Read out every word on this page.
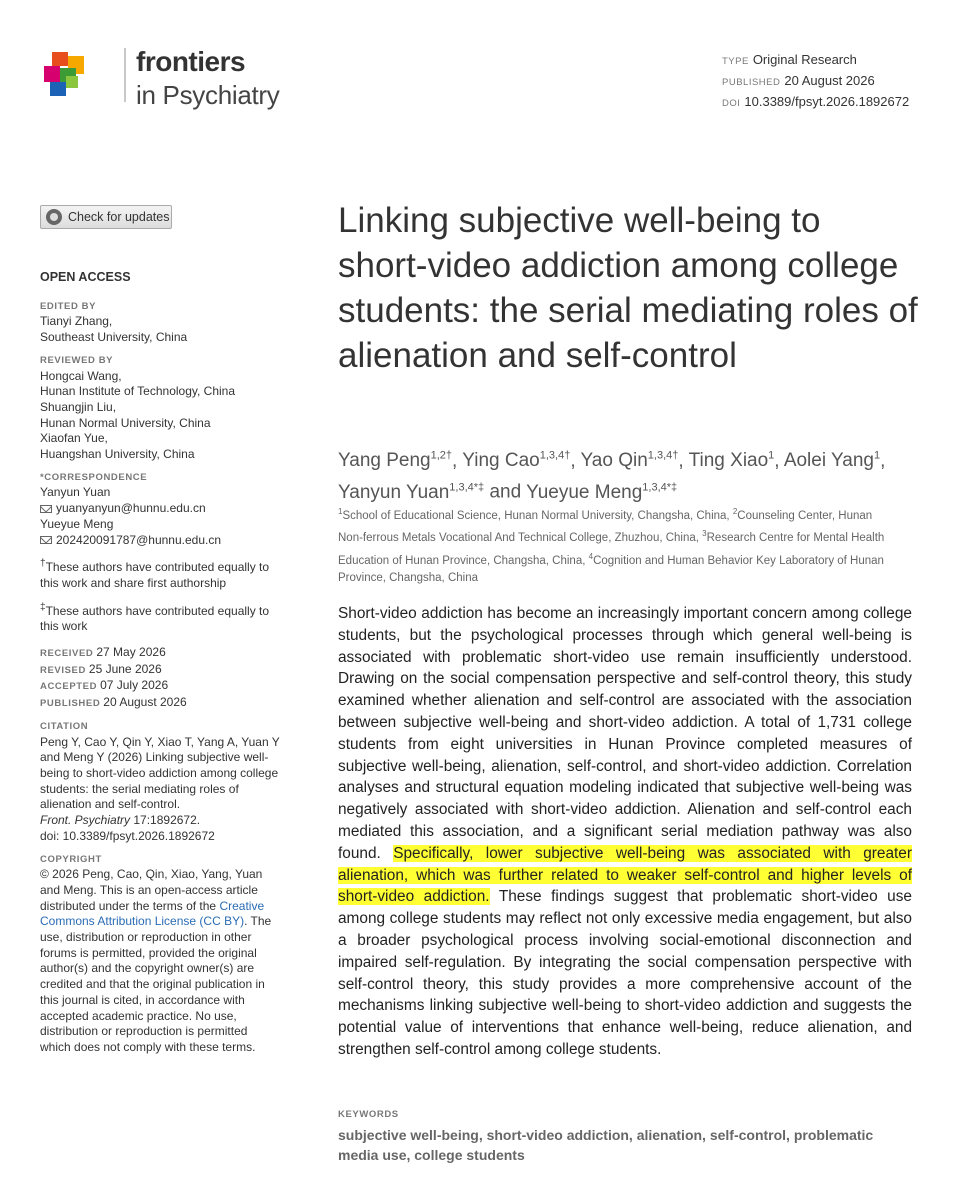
frontiers
in Psychiatry
TYPE Original Research
PUBLISHED 20 August 2026
DOI 10.3389/fpsyt.2026.1892672
Check for updates
OPEN ACCESS
EDITED BY
Tianyi Zhang,
Southeast University, China
REVIEWED BY
Hongcai Wang,
Hunan Institute of Technology, China
Shuangjin Liu,
Hunan Normal University, China
Xiaofan Yue,
Huangshan University, China
*CORRESPONDENCE
Yanyun Yuan
yuanyanyun@hunnu.edu.cn
Yueyue Meng
202420091787@hunnu.edu.cn
†These authors have contributed equally to this work and share first authorship
‡These authors have contributed equally to this work
RECEIVED 27 May 2026
REVISED 25 June 2026
ACCEPTED 07 July 2026
PUBLISHED 20 August 2026
CITATION
Peng Y, Cao Y, Qin Y, Xiao T, Yang A, Yuan Y and Meng Y (2026) Linking subjective well-being to short-video addiction among college students: the serial mediating roles of alienation and self-control.
Front. Psychiatry 17:1892672.
doi: 10.3389/fpsyt.2026.1892672
COPYRIGHT
© 2026 Peng, Cao, Qin, Xiao, Yang, Yuan and Meng. This is an open-access article distributed under the terms of the Creative Commons Attribution License (CC BY). The use, distribution or reproduction in other forums is permitted, provided the original author(s) and the copyright owner(s) are credited and that the original publication in this journal is cited, in accordance with accepted academic practice. No use, distribution or reproduction is permitted which does not comply with these terms.
Linking subjective well-being to short-video addiction among college students: the serial mediating roles of alienation and self-control
Yang Peng$^{1,2\dagger}$, Ying Cao$^{1,3,4\dagger}$, Yao Qin$^{1,3,4\dagger}$, Ting Xiao$^1$, Aolei Yang$^1$, Yanyun Yuan$^{1,3,4*\ddagger}$ and Yueyue Meng$^{1,3,4*\ddagger}$
$^1$School of Educational Science, Hunan Normal University, Changsha, China, $^2$Counseling Center, Hunan Non-ferrous Metals Vocational And Technical College, Zhuzhou, China, $^3$Research Centre for Mental Health Education of Hunan Province, Changsha, China, $^4$Cognition and Human Behavior Key Laboratory of Hunan Province, Changsha, China
Short-video addiction has become an increasingly important concern among college students, but the psychological processes through which general well-being is associated with problematic short-video use remain insufficiently understood. Drawing on the social compensation perspective and self-control theory, this study examined whether alienation and self-control are associated with the association between subjective well-being and short-video addiction. A total of 1,731 college students from eight universities in Hunan Province completed measures of subjective well-being, alienation, self-control, and short-video addiction. Correlation analyses and structural equation modeling indicated that subjective well-being was negatively associated with short-video addiction. Alienation and self-control each mediated this association, and a significant serial mediation pathway was also found. Specifically, lower subjective well-being was associated with greater alienation, which was further related to weaker self-control and higher levels of short-video addiction. These findings suggest that problematic short-video use among college students may reflect not only excessive media engagement, but also a broader psychological process involving social-emotional disconnection and impaired self-regulation. By integrating the social compensation perspective with self-control theory, this study provides a more comprehensive account of the mechanisms linking subjective well-being to short-video addiction and suggests the potential value of interventions that enhance well-being, reduce alienation, and strengthen self-control among college students.
KEYWORDS
subjective well-being, short-video addiction, alienation, self-control, problematic media use, college students
